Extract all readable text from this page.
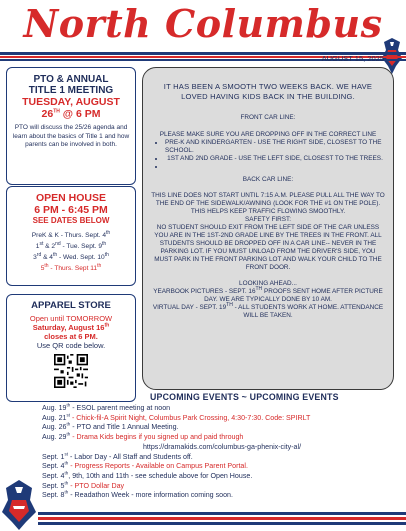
North Columbus
AUGUST 15, 2025
PTO & ANNUAL
TITLE 1 MEETING
TUESDAY, AUGUST
26TH @ 6 PM
PTO will discuss the 25/26 agenda and learn about the basics of Title 1 and how parents can be involved in both.
OPEN HOUSE
6 PM - 6:45 PM
SEE DATES BELOW
PreK & K - Thurs. Sept. 4th
1st & 2nd - Tue. Sept. 9th
3rd & 4th - Wed. Sept. 10th
5th - Thurs. Sept 11th
APPAREL STORE
Open until TOMORROW
Saturday, August 16th
closes at 6 PM.
Use QR code below.
IT HAS BEEN A SMOOTH TWO WEEKS BACK. WE HAVE LOVED HAVING KIDS BACK IN THE BUILDING.
FRONT CAR LINE:
PLEASE MAKE SURE YOU ARE DROPPING OFF IN THE CORRECT LINE
• PRE-K AND KINDERGARTEN - USE THE RIGHT SIDE, CLOSEST TO THE SCHOOL.
• 1ST AND 2ND GRADE - USE THE LEFT SIDE, CLOSEST TO THE TREES.
•
BACK CAR LINE:
THIS LINE DOES NOT START UNTIL 7:15 A.M. PLEASE PULL ALL THE WAY TO THE END OF THE SIDEWALK/AWNING (LOOK FOR THE #1 ON THE POLE). THIS HELPS KEEP TRAFFIC FLOWING SMOOTHLY.
SAFETY FIRST:
NO STUDENT SHOULD EXIT FROM THE LEFT SIDE OF THE CAR UNLESS YOU ARE IN THE 1ST-2ND GRADE LINE BY THE TREES IN THE FRONT. ALL STUDENTS SHOULD BE DROPPED OFF IN A CAR LINE-- NEVER IN THE PARKING LOT. IF YOU MUST UNLOAD FROM THE DRIVER'S SIDE, YOU MUST PARK IN THE FRONT PARKING LOT AND WALK YOUR CHILD TO THE FRONT DOOR.
LOOKING AHEAD...
YEARBOOK PICTURES - SEPT. 16TH PROOFS SENT HOME AFTER PICTURE DAY. WE ARE TYPICALLY DONE BY 10 AM.
VIRTUAL DAY - SEPT. 19TH - ALL STUDENTS WORK AT HOME. ATTENDANCE WILL BE TAKEN.
UPCOMING EVENTS ~ UPCOMING EVENTS
Aug. 19th - ESOL parent meeting at noon
Aug. 21st - Chick-fil-A Spirit Night, Columbus Park Crossing, 4:30-7:30. Code: SPIRLT
Aug. 26th - PTO and Title 1 Annual Meeting.
Aug. 29th - Drama Kids begins if you signed up and paid through
https://dramakids.com/columbus-ga-phenix-city-al/
Sept. 1st - Labor Day - All Staff and Students off.
Sept. 4th - Progress Reports - Available on Campus Parent Portal.
Sept. 4th, 9th, 10th and 11th - see schedule above for Open House.
Sept. 5th - PTO Dollar Day
Sept. 8th - Readathon Week - more information coming soon.
